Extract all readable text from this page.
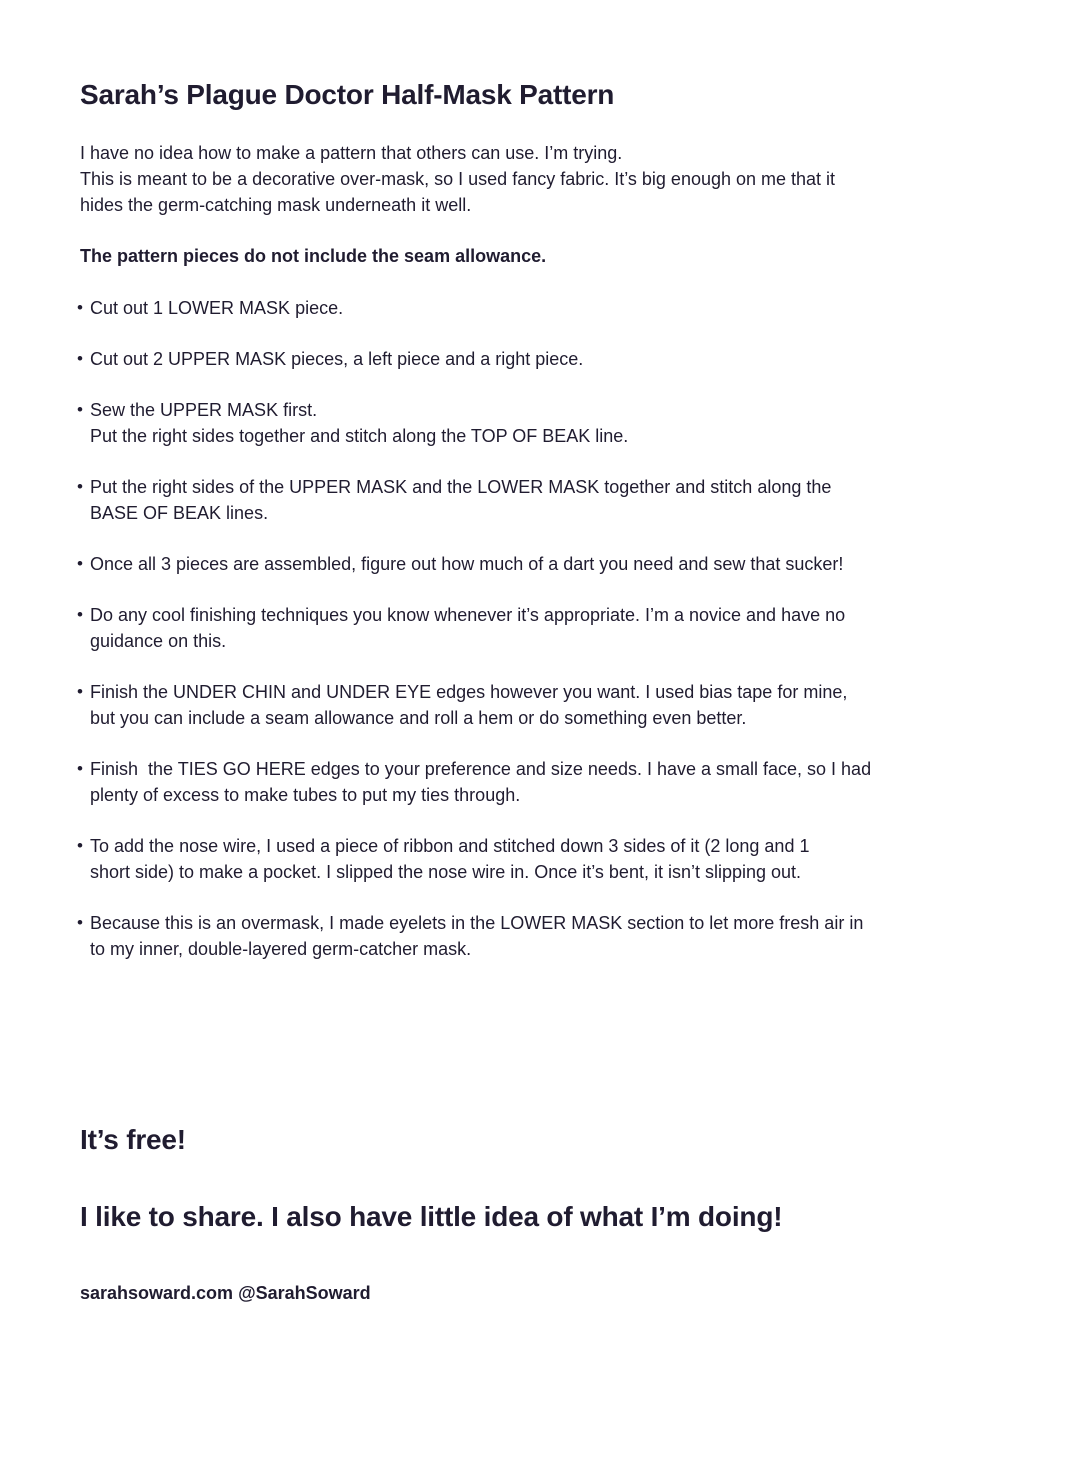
Sarah’s Plague Doctor Half-Mask Pattern
I have no idea how to make a pattern that others can use. I’m trying.
This is meant to be a decorative over-mask, so I used fancy fabric. It’s big enough on me that it
hides the germ-catching mask underneath it well.
The pattern pieces do not include the seam allowance.
• Cut out 1 LOWER MASK piece.
• Cut out 2 UPPER MASK pieces, a left piece and a right piece.
• Sew the UPPER MASK first.
Put the right sides together and stitch along the TOP OF BEAK line.
• Put the right sides of the UPPER MASK and the LOWER MASK together and stitch along the
BASE OF BEAK lines.
• Once all 3 pieces are assembled, figure out how much of a dart you need and sew that sucker!
• Do any cool finishing techniques you know whenever it’s appropriate. I’m a novice and have no
guidance on this.
• Finish the UNDER CHIN and UNDER EYE edges however you want. I used bias tape for mine,
but you can include a seam allowance and roll a hem or do something even better.
• Finish  the TIES GO HERE edges to your preference and size needs. I have a small face, so I had
plenty of excess to make tubes to put my ties through.
• To add the nose wire, I used a piece of ribbon and stitched down 3 sides of it (2 long and 1
short side) to make a pocket. I slipped the nose wire in. Once it’s bent, it isn’t slipping out.
• Because this is an overmask, I made eyelets in the LOWER MASK section to let more fresh air in
to my inner, double-layered germ-catcher mask.
It’s free!
I like to share. I also have little idea of what I’m doing!
sarahsoward.com @SarahSoward
